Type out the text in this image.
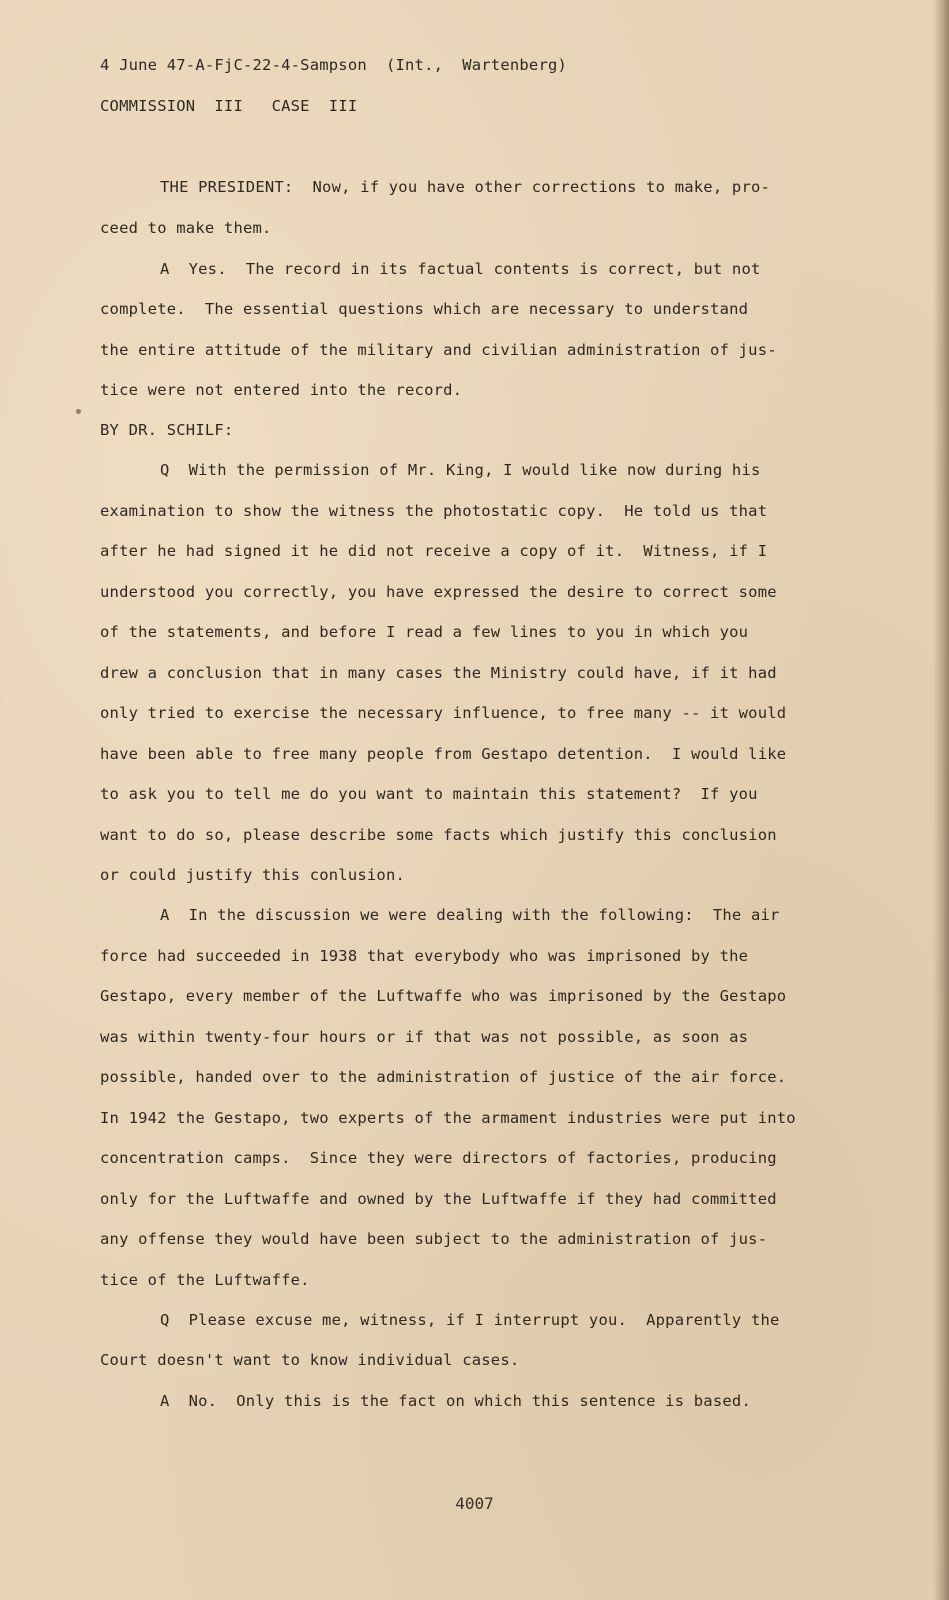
4 June 47-A-FjC-22-4-Sampson  (Int.,  Wartenberg)
COMMISSION  III   CASE  III
THE PRESIDENT:  Now, if you have other corrections to make, pro-
ceed to make them.
A  Yes.  The record in its factual contents is correct, but not
complete.  The essential questions which are necessary to understand
the entire attitude of the military and civilian administration of jus-
tice were not entered into the record.
BY DR. SCHILF:
Q  With the permission of Mr. King, I would like now during his
examination to show the witness the photostatic copy.  He told us that
after he had signed it he did not receive a copy of it.  Witness, if I
understood you correctly, you have expressed the desire to correct some
of the statements, and before I read a few lines to you in which you
drew a conclusion that in many cases the Ministry could have, if it had
only tried to exercise the necessary influence, to free many -- it would
have been able to free many people from Gestapo detention.  I would like
to ask you to tell me do you want to maintain this statement?  If you
want to do so, please describe some facts which justify this conclusion
or could justify this conlusion.
A  In the discussion we were dealing with the following:  The air
force had succeeded in 1938 that everybody who was imprisoned by the
Gestapo, every member of the Luftwaffe who was imprisoned by the Gestapo
was within twenty-four hours or if that was not possible, as soon as
possible, handed over to the administration of justice of the air force.
In 1942 the Gestapo, two experts of the armament industries were put into
concentration camps.  Since they were directors of factories, producing
only for the Luftwaffe and owned by the Luftwaffe if they had committed
any offense they would have been subject to the administration of jus-
tice of the Luftwaffe.
Q  Please excuse me, witness, if I interrupt you.  Apparently the
Court doesn't want to know individual cases.
A  No.  Only this is the fact on which this sentence is based.
4007
